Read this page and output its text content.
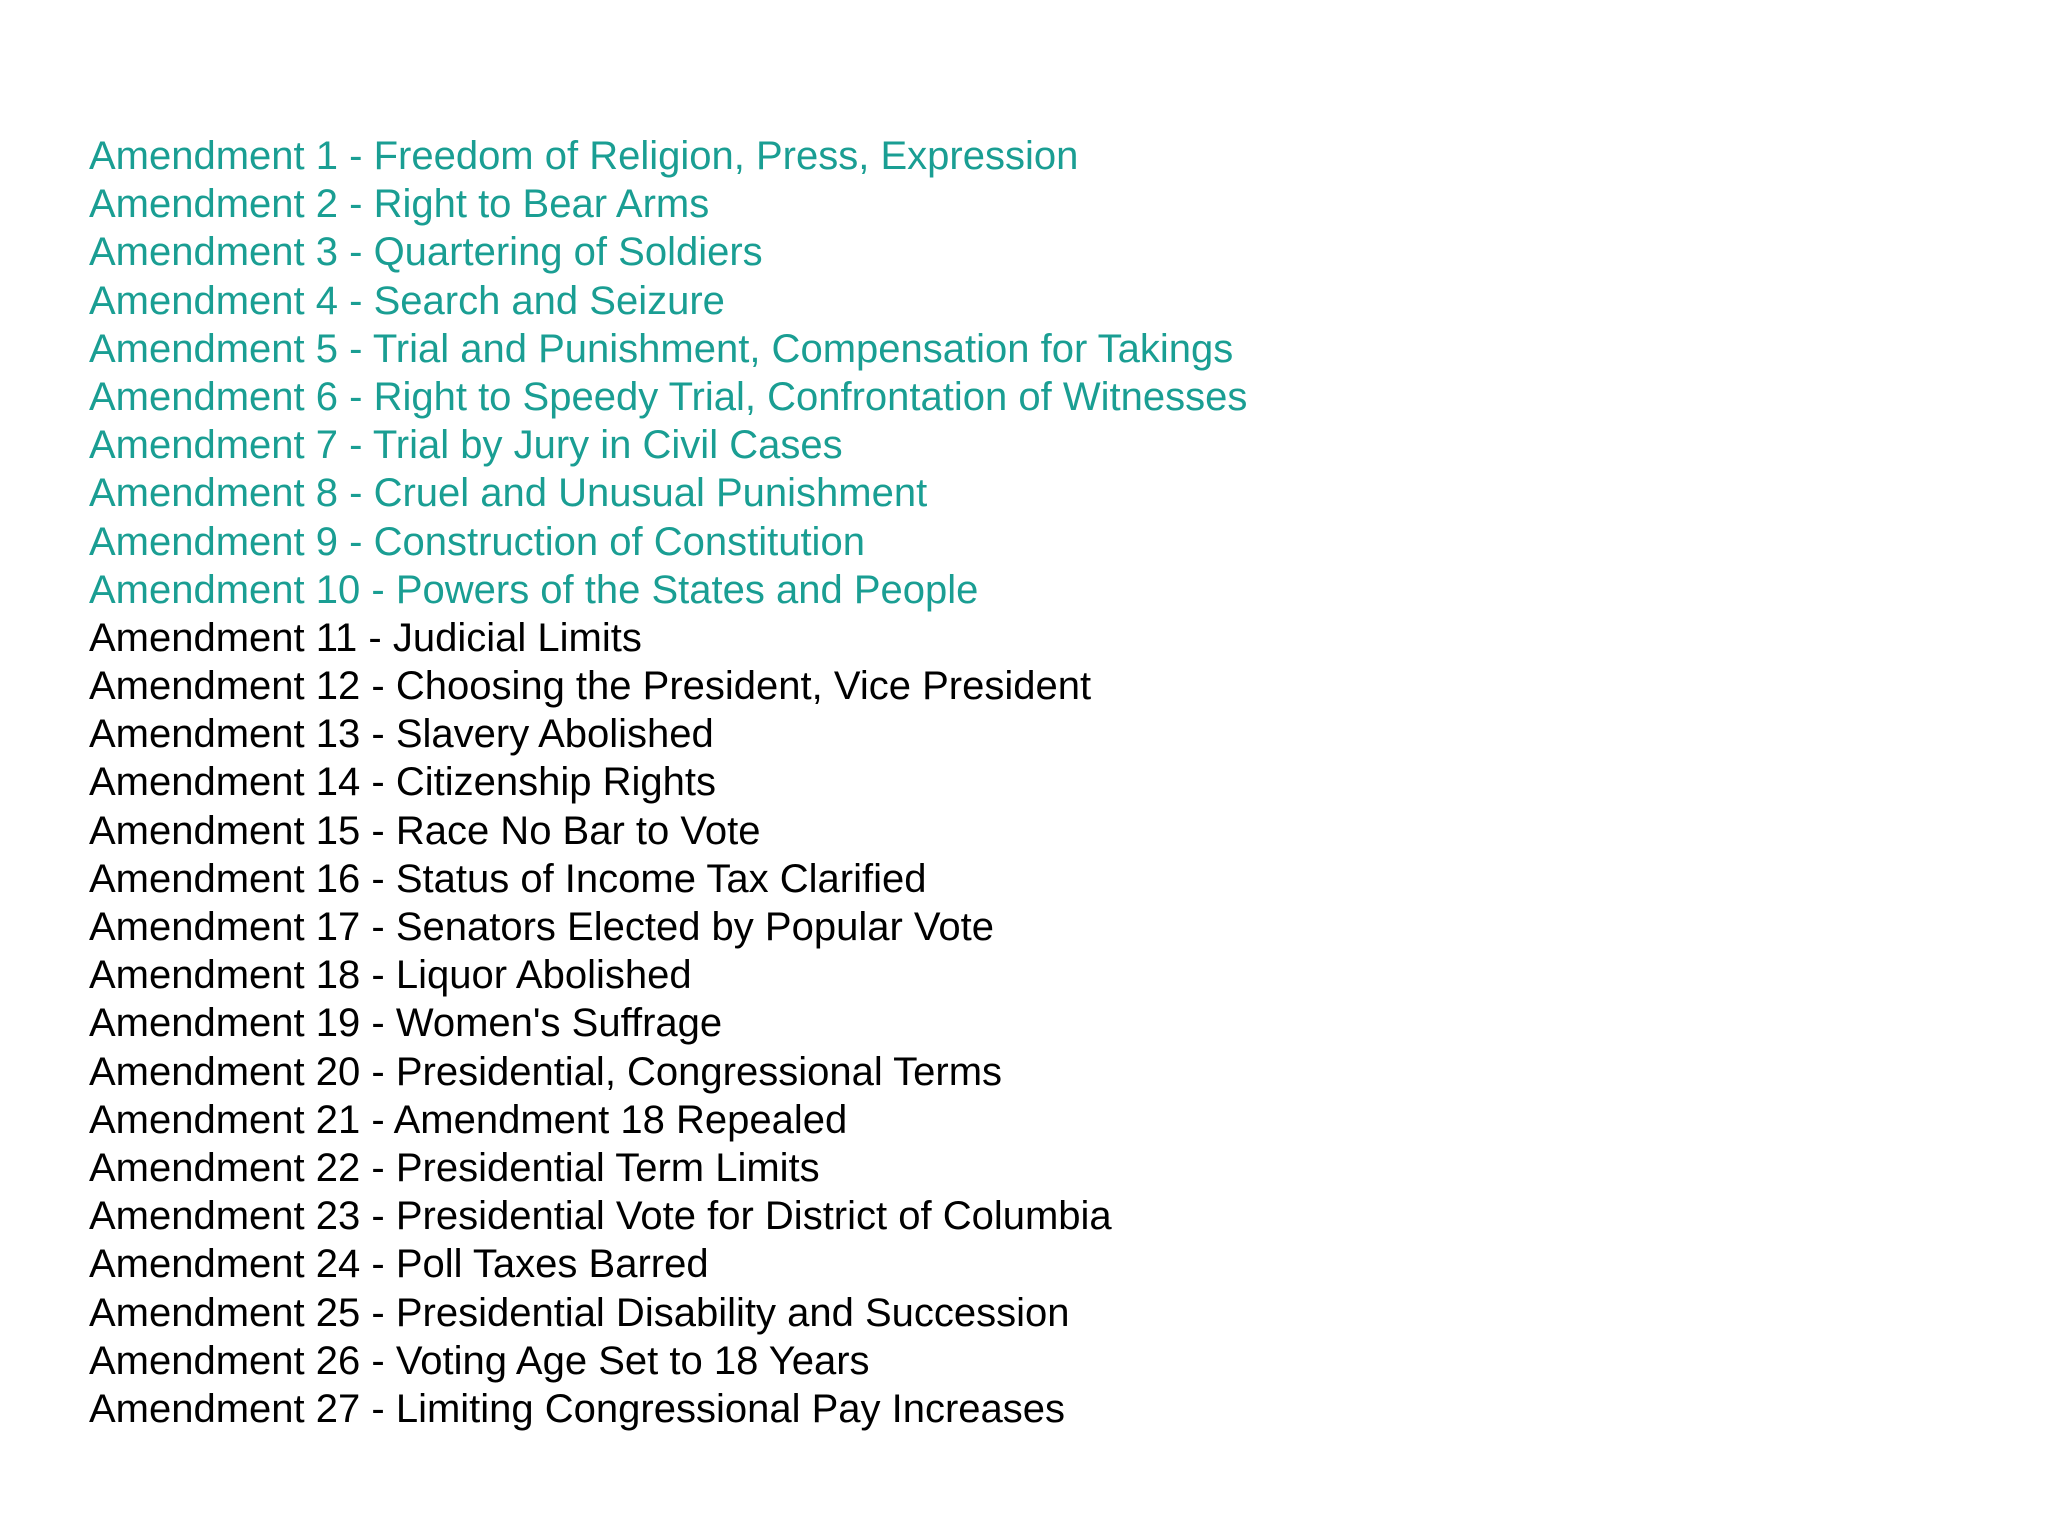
Amendment 1 - Freedom of Religion, Press, Expression
Amendment 2 - Right to Bear Arms
Amendment 3 - Quartering of Soldiers
Amendment 4 - Search and Seizure
Amendment 5 - Trial and Punishment, Compensation for Takings
Amendment 6 - Right to Speedy Trial, Confrontation of Witnesses
Amendment 7 - Trial by Jury in Civil Cases
Amendment 8 - Cruel and Unusual Punishment
Amendment 9 - Construction of Constitution
Amendment 10 - Powers of the States and People
Amendment 11 - Judicial Limits
Amendment 12 - Choosing the President, Vice President
Amendment 13 - Slavery Abolished
Amendment 14 - Citizenship Rights
Amendment 15 - Race No Bar to Vote
Amendment 16 - Status of Income Tax Clarified
Amendment 17 - Senators Elected by Popular Vote
Amendment 18 - Liquor Abolished
Amendment 19 - Women's Suffrage
Amendment 20 - Presidential, Congressional Terms
Amendment 21 - Amendment 18 Repealed
Amendment 22 - Presidential Term Limits
Amendment 23 - Presidential Vote for District of Columbia
Amendment 24 - Poll Taxes Barred
Amendment 25 - Presidential Disability and Succession
Amendment 26 - Voting Age Set to 18 Years
Amendment 27 - Limiting Congressional Pay Increases
